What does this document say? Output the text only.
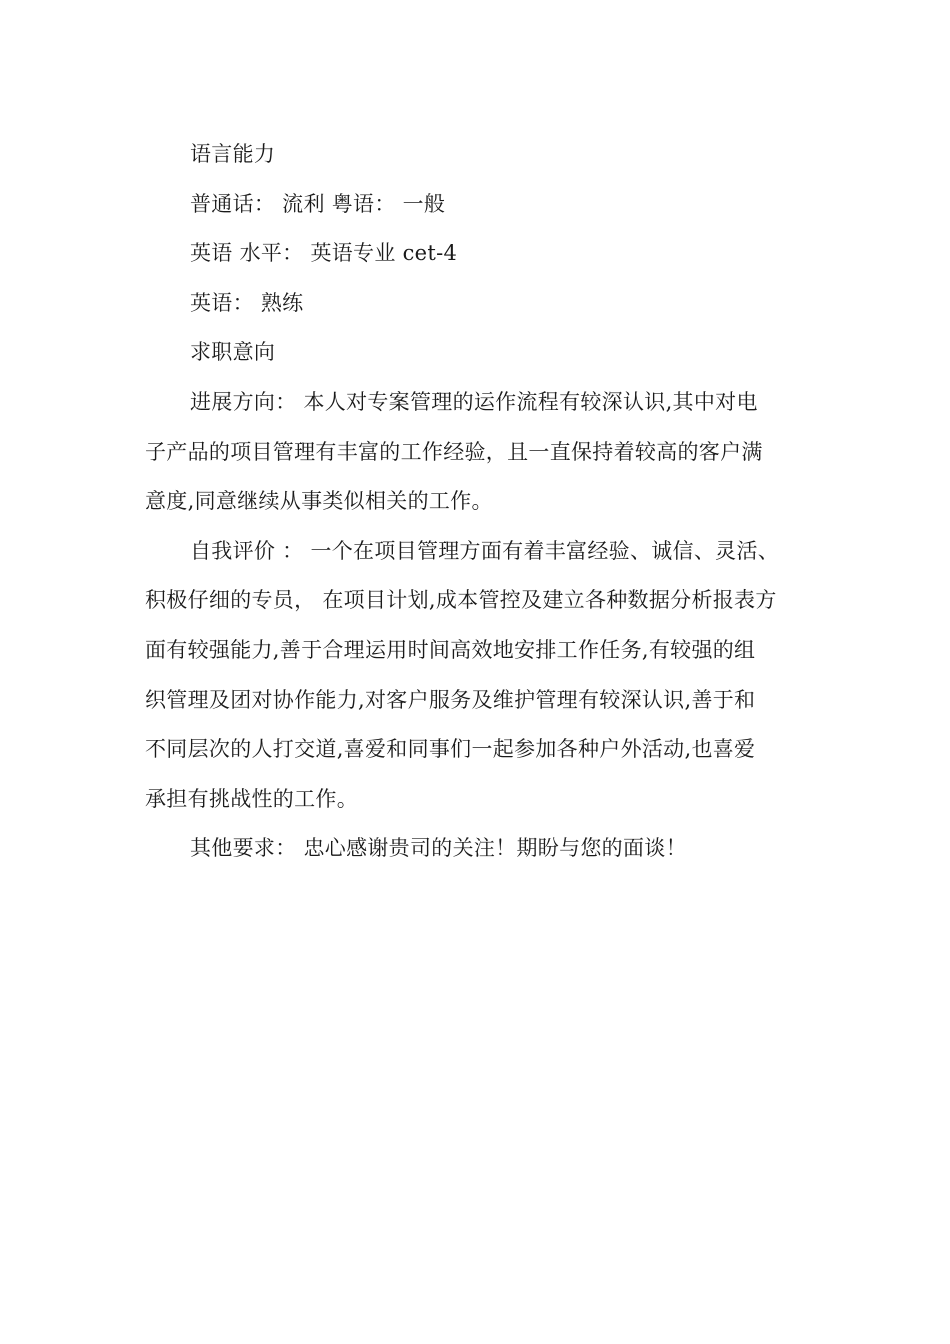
语言能力
普通话： 流利 粤语： 一般
英语 水平： 英语专业 cet-4
英语： 熟练
求职意向
进展方向： 本人对专案管理的运作流程有较深认识,其中对电
子产品的项目管理有丰富的工作经验，且一直保持着较高的客户满
意度,同意继续从事类似相关的工作。
自我评价 ： 一个在项目管理方面有着丰富经验、诚信、灵活、
积极仔细的专员， 在项目计划,成本管控及建立各种数据分析报表方
面有较强能力,善于合理运用时间高效地安排工作任务,有较强的组
织管理及团对协作能力,对客户服务及维护管理有较深认识,善于和
不同层次的人打交道,喜爱和同事们一起参加各种户外活动,也喜爱
承担有挑战性的工作。
其他要求： 忠心感谢贵司的关注！期盼与您的面谈！
